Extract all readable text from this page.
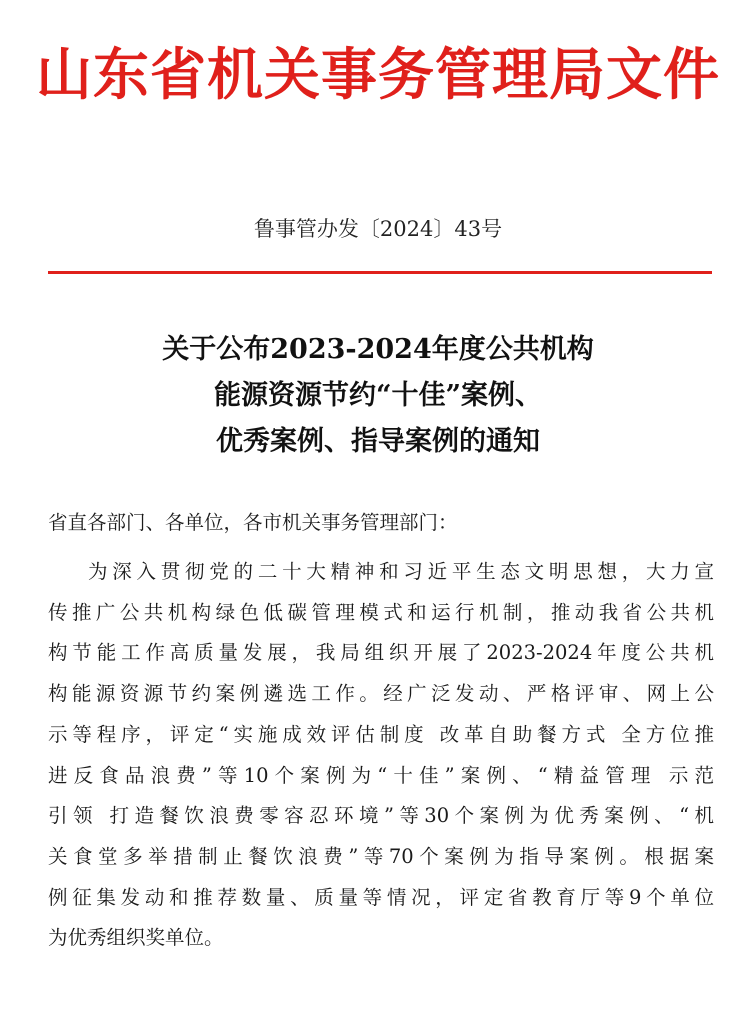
山东省机关事务管理局文件
鲁事管办发〔2024〕43号
关于公布2023-2024年度公共机构
能源资源节约“十佳”案例、
优秀案例、指导案例的通知
省直各部门、各单位，各市机关事务管理部门：
为深入贯彻党的二十大精神和习近平生态文明思想，大力宣
传推广公共机构绿色低碳管理模式和运行机制，推动我省公共机
构节能工作高质量发展，我局组织开展了2023-2024年度公共机
构能源资源节约案例遴选工作。经广泛发动、严格评审、网上公
示等程序，评定“实施成效评估制度 改革自助餐方式 全方位推
进反食品浪费”等10个案例为“十佳”案例、“精益管理 示范
引领 打造餐饮浪费零容忍环境”等30个案例为优秀案例、“机
关食堂多举措制止餐饮浪费”等70个案例为指导案例。根据案
例征集发动和推荐数量、质量等情况，评定省教育厅等9个单位
为优秀组织奖单位。
